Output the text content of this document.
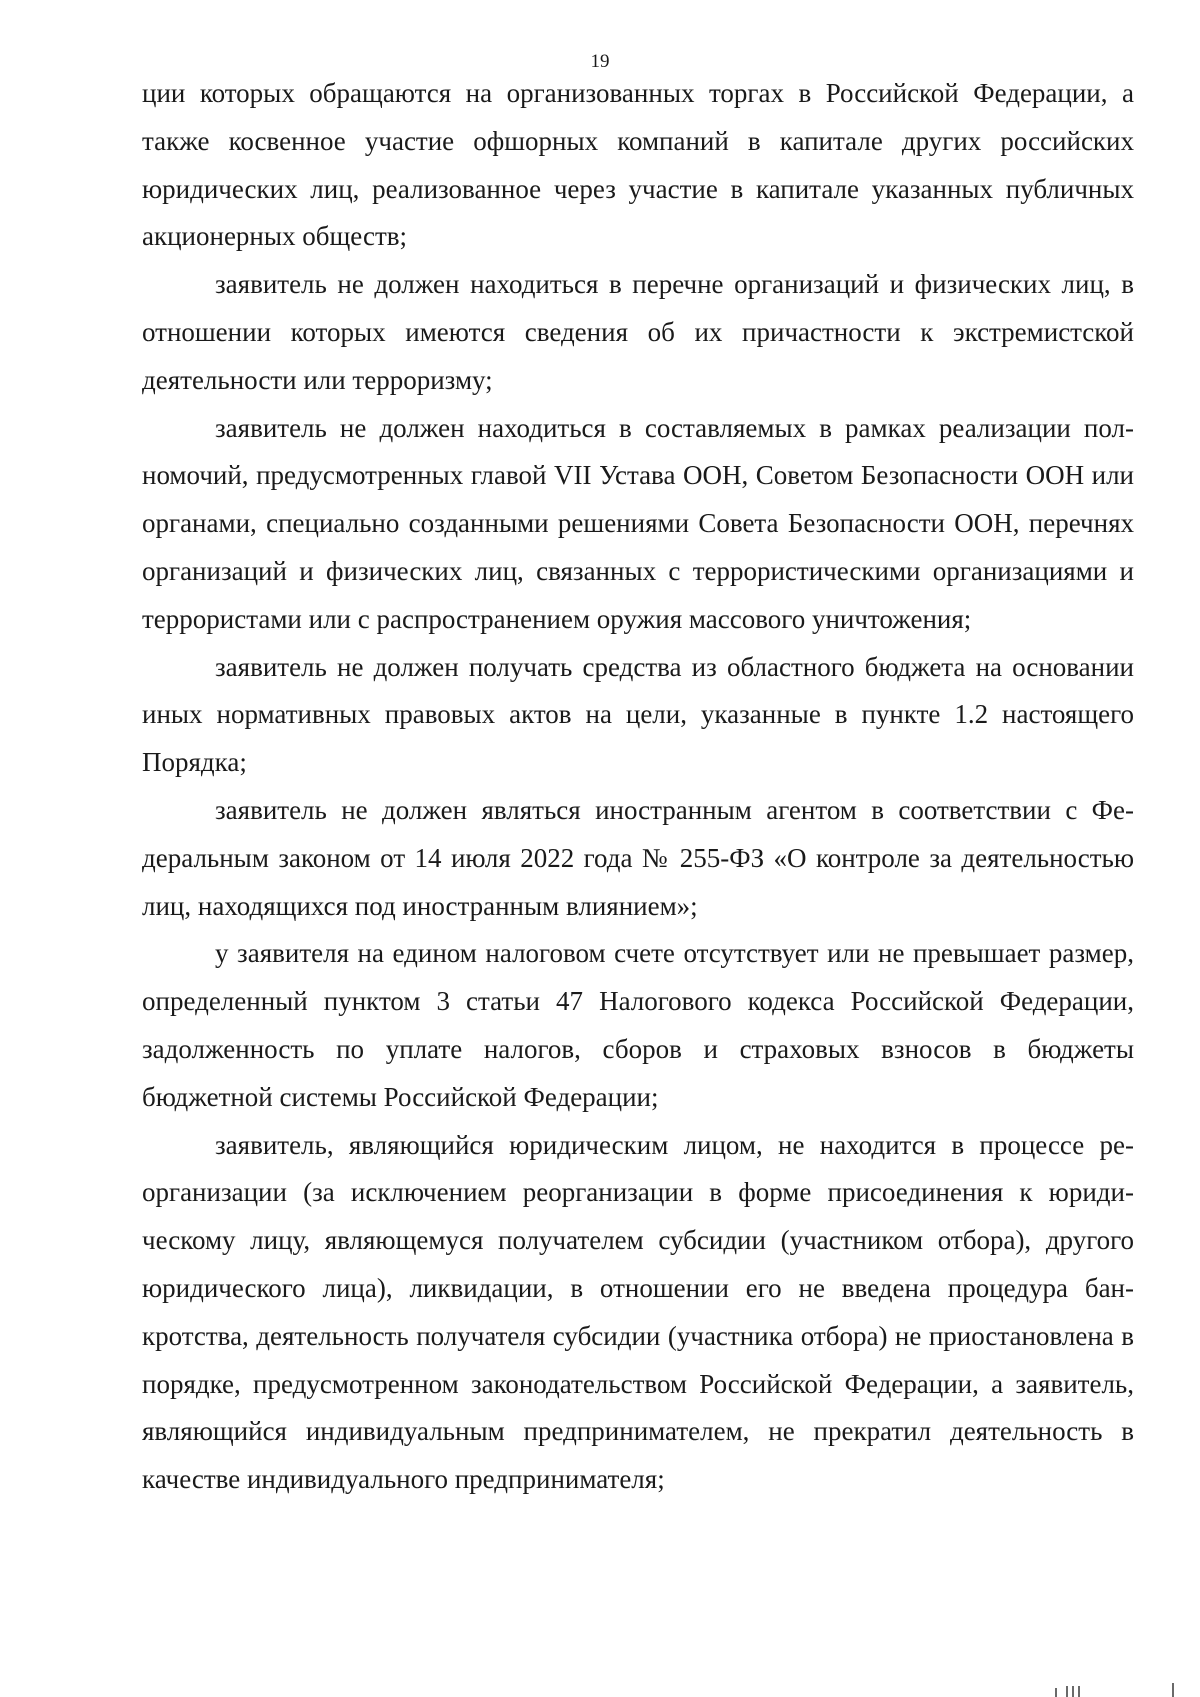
19

ции которых обращаются на организованных торгах в Российской Федерации, а также косвенное участие офшорных компаний в капитале других российских юридических лиц, реализованное через участие в капитале указанных публичных акционерных обществ;

заявитель не должен находиться в перечне организаций и физических лиц, в отношении которых имеются сведения об их причастности к экстремистской деятельности или терроризму;

заявитель не должен находиться в составляемых в рамках реализации полномочий, предусмотренных главой VII Устава ООН, Советом Безопасности ООН или органами, специально созданными решениями Совета Безопасности ООН, перечнях организаций и физических лиц, связанных с террористическими организациями и террористами или с распространением оружия массового уничтожения;

заявитель не должен получать средства из областного бюджета на основании иных нормативных правовых актов на цели, указанные в пункте 1.2 настоящего Порядка;

заявитель не должен являться иностранным агентом в соответствии с Федеральным законом от 14 июля 2022 года № 255-ФЗ «О контроле за деятельностью лиц, находящихся под иностранным влиянием»;

у заявителя на едином налоговом счете отсутствует или не превышает размер, определенный пунктом 3 статьи 47 Налогового кодекса Российской Федерации, задолженность по уплате налогов, сборов и страховых взносов в бюджеты бюджетной системы Российской Федерации;

заявитель, являющийся юридическим лицом, не находится в процессе реорганизации (за исключением реорганизации в форме присоединения к юридическому лицу, являющемуся получателем субсидии (участником отбора), другого юридического лица), ликвидации, в отношении его не введена процедура банкротства, деятельность получателя субсидии (участника отбора) не приостановлена в порядке, предусмотренном законодательством Российской Федерации, а заявитель, являющийся индивидуальным предпринимателем, не прекратил деятельность в качестве индивидуального предпринимателя;
